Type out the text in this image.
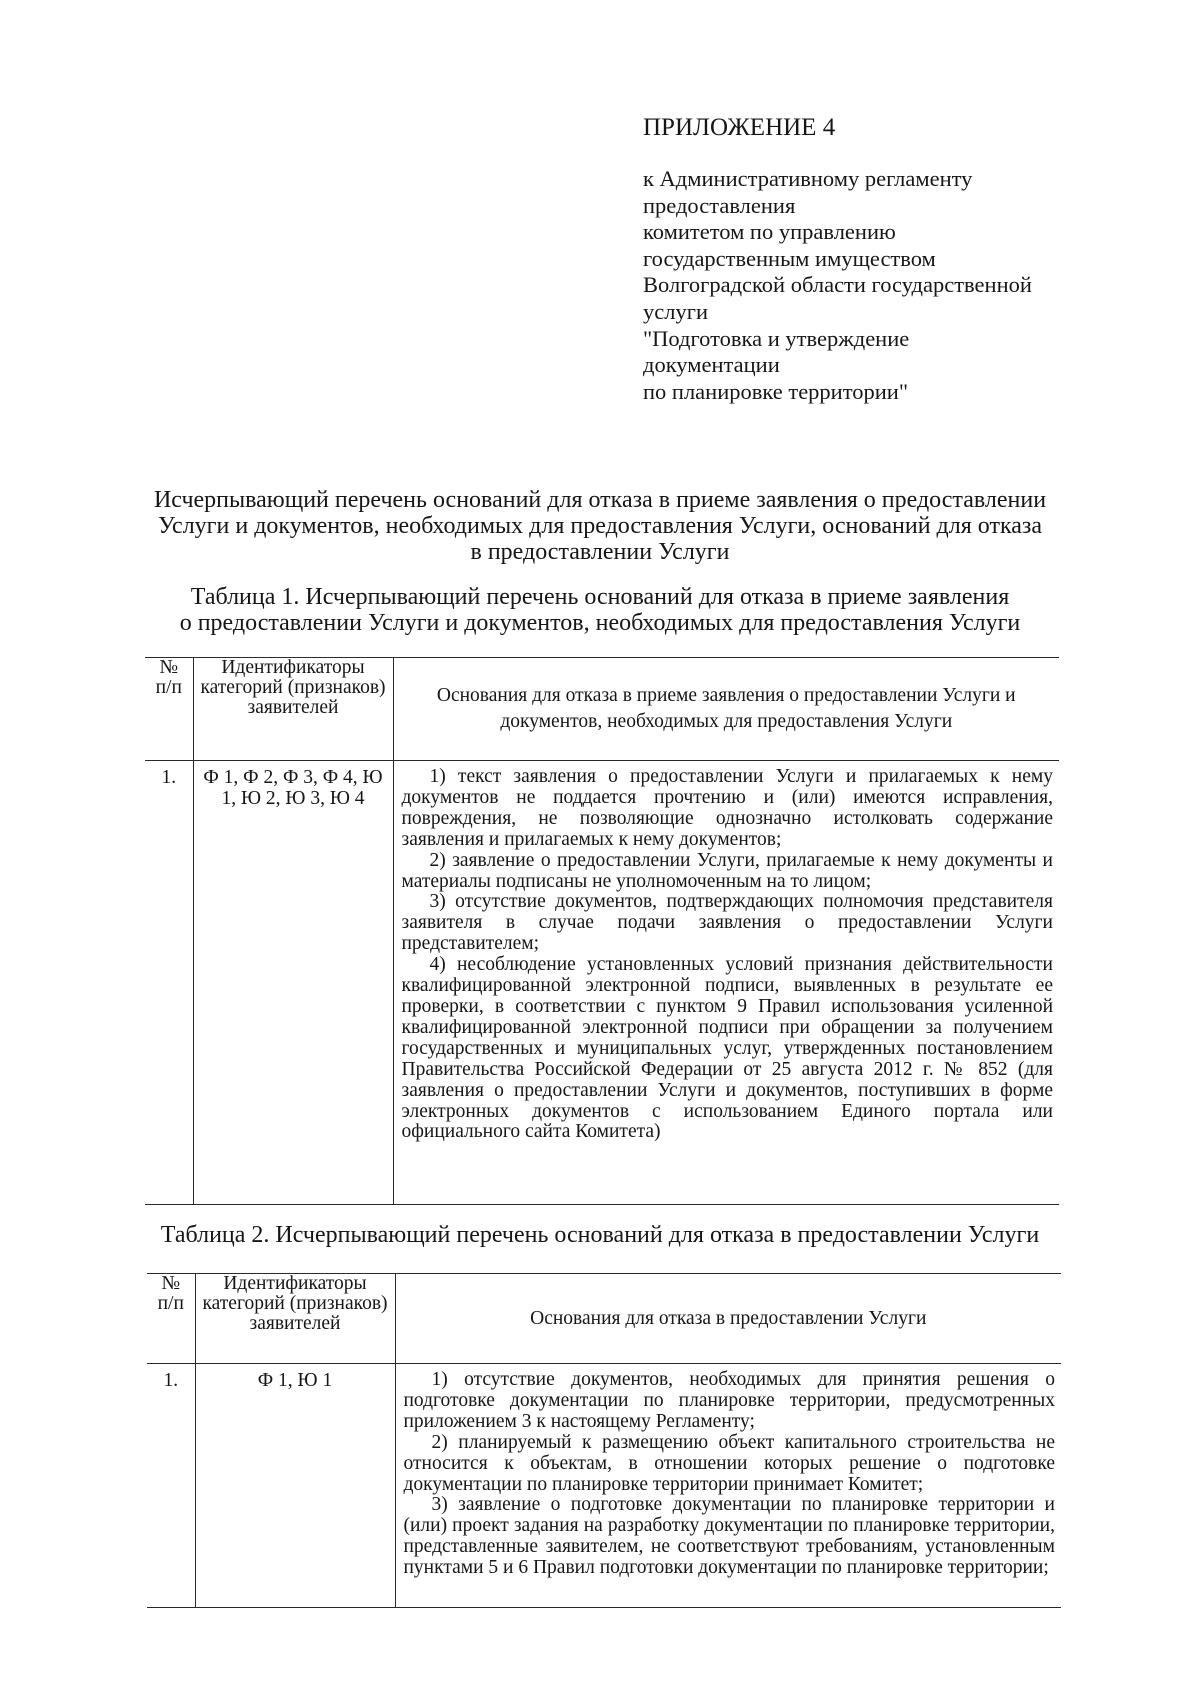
ПРИЛОЖЕНИЕ 4
к Административному регламенту
предоставления
комитетом по управлению
государственным имуществом
Волгоградской области государственной
услуги
"Подготовка и утверждение
документации
по планировке территории"
Исчерпывающий перечень оснований для отказа в приеме заявления о предоставлении
Услуги и документов, необходимых для предоставления Услуги, оснований для отказа
в предоставлении Услуги
Таблица 1. Исчерпывающий перечень оснований для отказа в приеме заявления
о предоставлении Услуги и документов, необходимых для предоставления Услуги
№ п/п	Идентификаторы категорий (признаков) заявителей	Основания для отказа в приеме заявления о предоставлении Услуги и документов, необходимых для предоставления Услуги
1.	Ф 1, Ф 2, Ф 3, Ф 4, Ю 1, Ю 2, Ю 3, Ю 4	1) текст заявления о предоставлении Услуги и прилагаемых к нему документов не поддается прочтению и (или) имеются исправления, повреждения, не позволяющие однозначно истолковать содержание заявления и прилагаемых к нему документов;

2) заявление о предоставлении Услуги, прилагаемые к нему документы и материалы подписаны не уполномоченным на то лицом;

3) отсутствие документов, подтверждающих полномочия представителя заявителя в случае подачи заявления о предоставлении Услуги представителем;

4) несоблюдение установленных условий признания действительности квалифицированной электронной подписи, выявленных в результате ее проверки, в соответствии с пунктом 9 Правил использования усиленной квалифицированной электронной подписи при обращении за получением государственных и муниципальных услуг, утвержденных постановлением Правительства Российской Федерации от 25 августа 2012 г. № 852 (для заявления о предоставлении Услуги и документов, поступивших в форме электронных документов с использованием Единого портала или официального сайта Комитета)

Таблица 2. Исчерпывающий перечень оснований для отказа в предоставлении Услуги
№ п/п	Идентификаторы категорий (признаков) заявителей	Основания для отказа в предоставлении Услуги
1.	Ф 1, Ю 1	1) отсутствие документов, необходимых для принятия решения о подготовке документации по планировке территории, предусмотренных приложением 3 к настоящему Регламенту;

2) планируемый к размещению объект капитального строительства не относится к объектам, в отношении которых решение о подготовке документации по планировке территории принимает Комитет;

3) заявление о подготовке документации по планировке территории и (или) проект задания на разработку документации по планировке территории, представленные заявителем, не соответствуют требованиям, установленным пунктами 5 и 6 Правил подготовки документации по планировке территории;
